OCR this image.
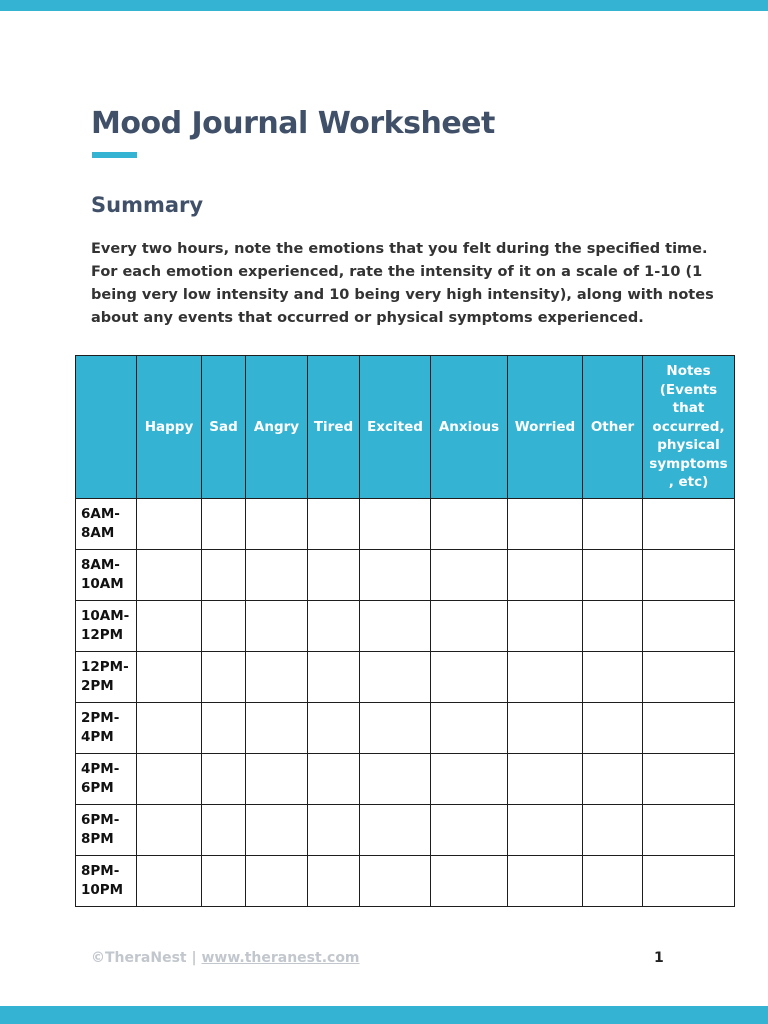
Mood Journal Worksheet
Summary

Every two hours, note the emotions that you felt during the specified time. For each emotion experienced, rate the intensity of it on a scale of 1-10 (1 being very low intensity and 10 being very high intensity), along with notes about any events that occurred or physical symptoms experienced.

	Happy	Sad	Angry	Tired	Excited	Anxious	Worried	Other	Notes (Events that occurred, physical symptoms , etc)
6AM-8AM									
8AM-10AM									
10AM-12PM									
12PM-2PM									
2PM-4PM									
4PM-6PM									
6PM-8PM									
8PM-10PM									
©TheraNest | www.theranest.com	1
